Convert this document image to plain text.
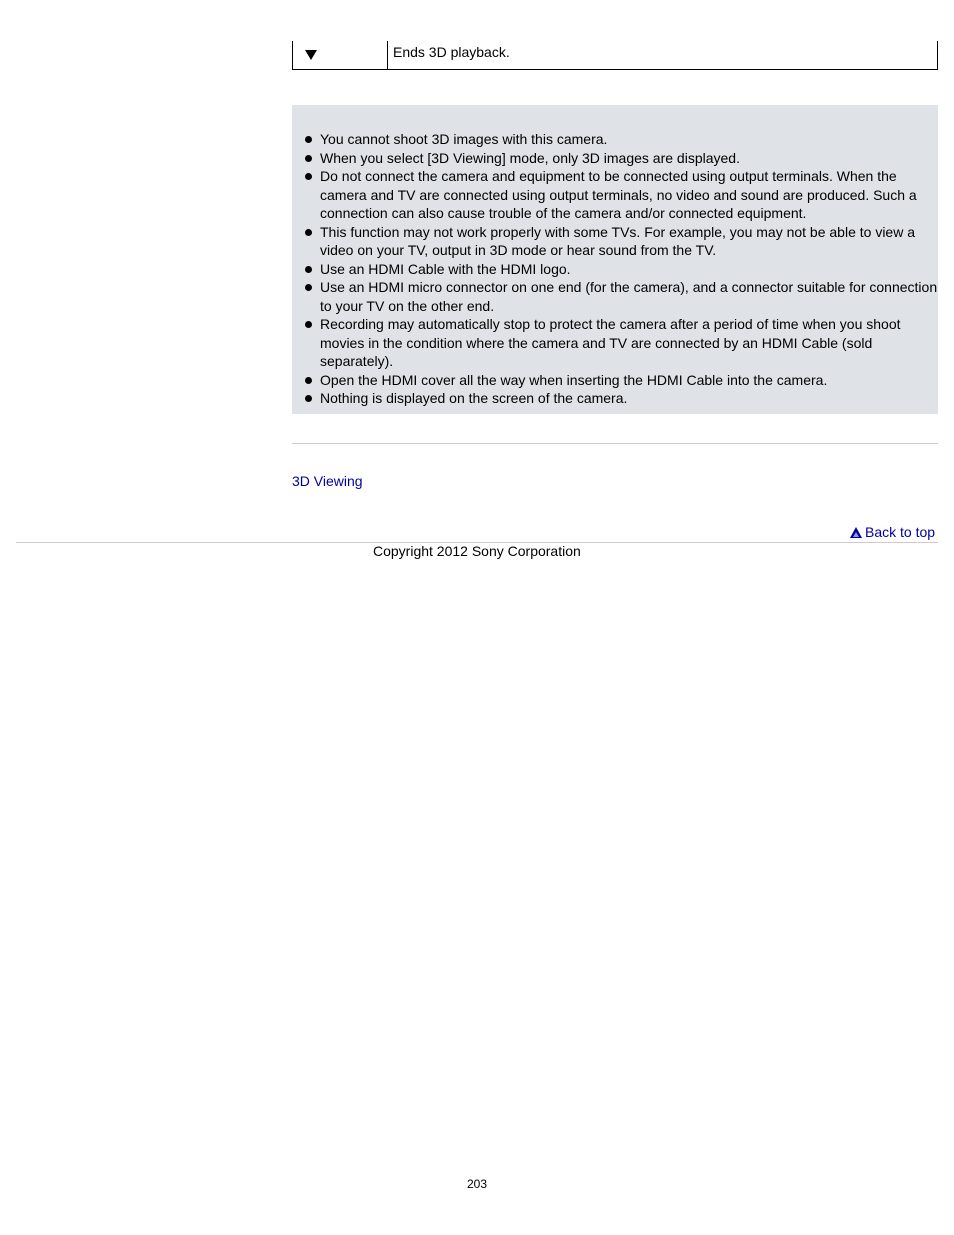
Ends 3D playback.
You cannot shoot 3D images with this camera.
When you select [3D Viewing] mode, only 3D images are displayed.
Do not connect the camera and equipment to be connected using output terminals. When the camera and TV are connected using output terminals, no video and sound are produced. Such a connection can also cause trouble of the camera and/or connected equipment.
This function may not work properly with some TVs. For example, you may not be able to view a video on your TV, output in 3D mode or hear sound from the TV.
Use an HDMI Cable with the HDMI logo.
Use an HDMI micro connector on one end (for the camera), and a connector suitable for connection to your TV on the other end.
Recording may automatically stop to protect the camera after a period of time when you shoot movies in the condition where the camera and TV are connected by an HDMI Cable (sold separately).
Open the HDMI cover all the way when inserting the HDMI Cable into the camera.
Nothing is displayed on the screen of the camera.
3D Viewing
Back to top
Copyright 2012 Sony Corporation
203
